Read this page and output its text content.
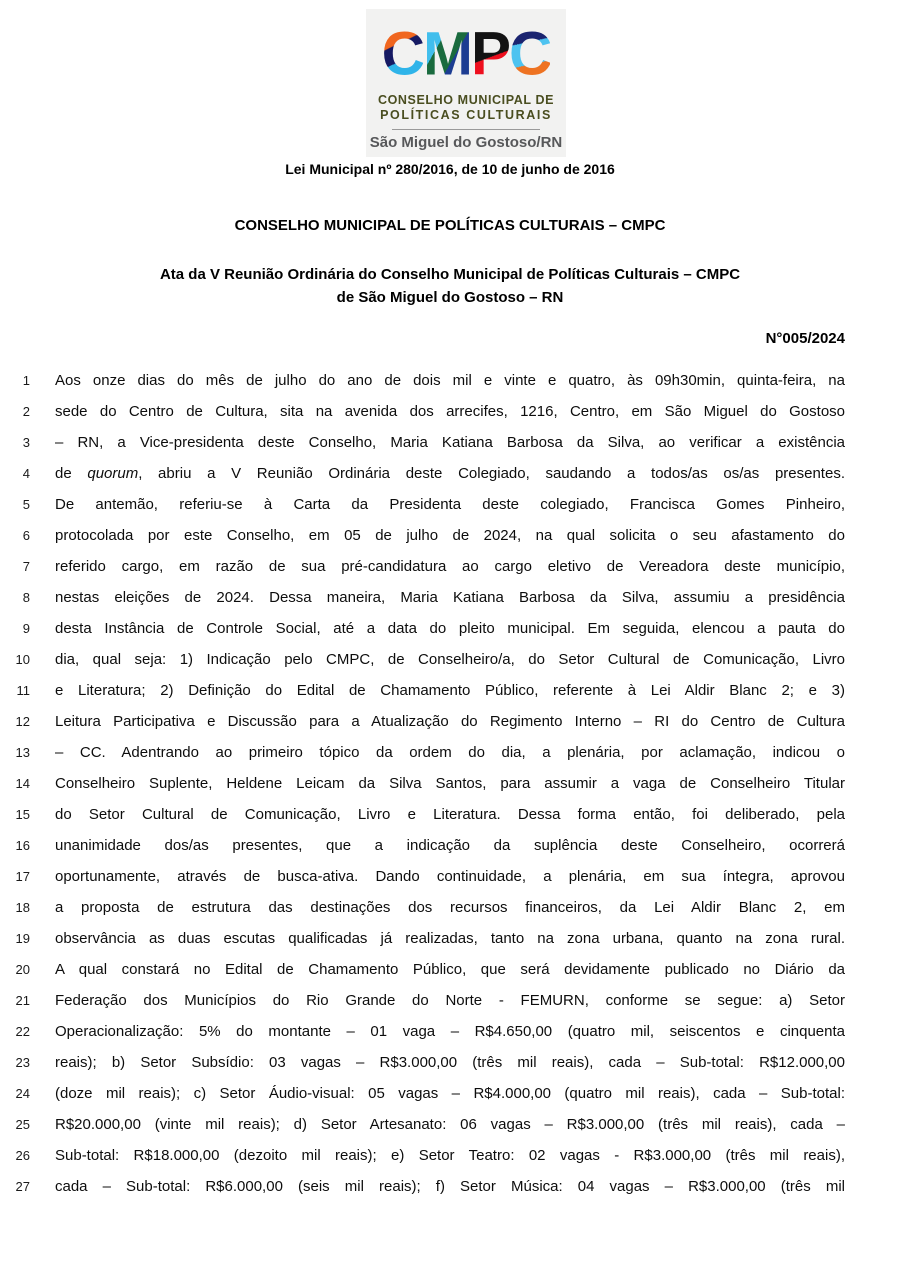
C M P C
CONSELHO MUNICIPAL DE
POLÍTICAS CULTURAIS
São Miguel do Gostoso/RN
Lei Municipal nº 280/2016, de 10 de junho de 2016
CONSELHO MUNICIPAL DE POLÍTICAS CULTURAIS – CMPC
Ata da V Reunião Ordinária do Conselho Municipal de Políticas Culturais – CMPC
de São Miguel do Gostoso – RN
N°005/2024
1 Aos onze dias do mês de julho do ano de dois mil e vinte e quatro, às 09h30min, quinta-feira, na
2 sede do Centro de Cultura, sita na avenida dos arrecifes, 1216, Centro, em São Miguel do Gostoso
3 – RN, a Vice-presidenta deste Conselho, Maria Katiana Barbosa da Silva, ao verificar a existência
4 de quorum, abriu a V Reunião Ordinária deste Colegiado, saudando a todos/as os/as presentes.
5 De antemão, referiu-se à Carta da Presidenta deste colegiado, Francisca Gomes Pinheiro,
6 protocolada por este Conselho, em 05 de julho de 2024, na qual solicita o seu afastamento do
7 referido cargo, em razão de sua pré-candidatura ao cargo eletivo de Vereadora deste município,
8 nestas eleições de 2024. Dessa maneira, Maria Katiana Barbosa da Silva, assumiu a presidência
9 desta Instância de Controle Social, até a data do pleito municipal. Em seguida, elencou a pauta do
10 dia, qual seja: 1) Indicação pelo CMPC, de Conselheiro/a, do Setor Cultural de Comunicação, Livro
11 e Literatura; 2) Definição do Edital de Chamamento Público, referente à Lei Aldir Blanc 2; e 3)
12 Leitura Participativa e Discussão para a Atualização do Regimento Interno – RI do Centro de Cultura
13 – CC. Adentrando ao primeiro tópico da ordem do dia, a plenária, por aclamação, indicou o
14 Conselheiro Suplente, Heldene Leicam da Silva Santos, para assumir a vaga de Conselheiro Titular
15 do Setor Cultural de Comunicação, Livro e Literatura. Dessa forma então, foi deliberado, pela
16 unanimidade dos/as presentes, que a indicação da suplência deste Conselheiro, ocorrerá
17 oportunamente, através de busca-ativa. Dando continuidade, a plenária, em sua íntegra, aprovou
18 a proposta de estrutura das destinações dos recursos financeiros, da Lei Aldir Blanc 2, em
19 observância as duas escutas qualificadas já realizadas, tanto na zona urbana, quanto na zona rural.
20 A qual constará no Edital de Chamamento Público, que será devidamente publicado no Diário da
21 Federação dos Municípios do Rio Grande do Norte - FEMURN, conforme se segue: a) Setor
22 Operacionalização: 5% do montante – 01 vaga – R$4.650,00 (quatro mil, seiscentos e cinquenta
23 reais); b) Setor Subsídio: 03 vagas – R$3.000,00 (três mil reais), cada – Sub-total: R$12.000,00
24 (doze mil reais); c) Setor Áudio-visual: 05 vagas – R$4.000,00 (quatro mil reais), cada – Sub-total:
25 R$20.000,00 (vinte mil reais); d) Setor Artesanato: 06 vagas – R$3.000,00 (três mil reais), cada –
26 Sub-total: R$18.000,00 (dezoito mil reais); e) Setor Teatro: 02 vagas - R$3.000,00 (três mil reais),
27 cada – Sub-total: R$6.000,00 (seis mil reais); f) Setor Música: 04 vagas – R$3.000,00 (três mil
